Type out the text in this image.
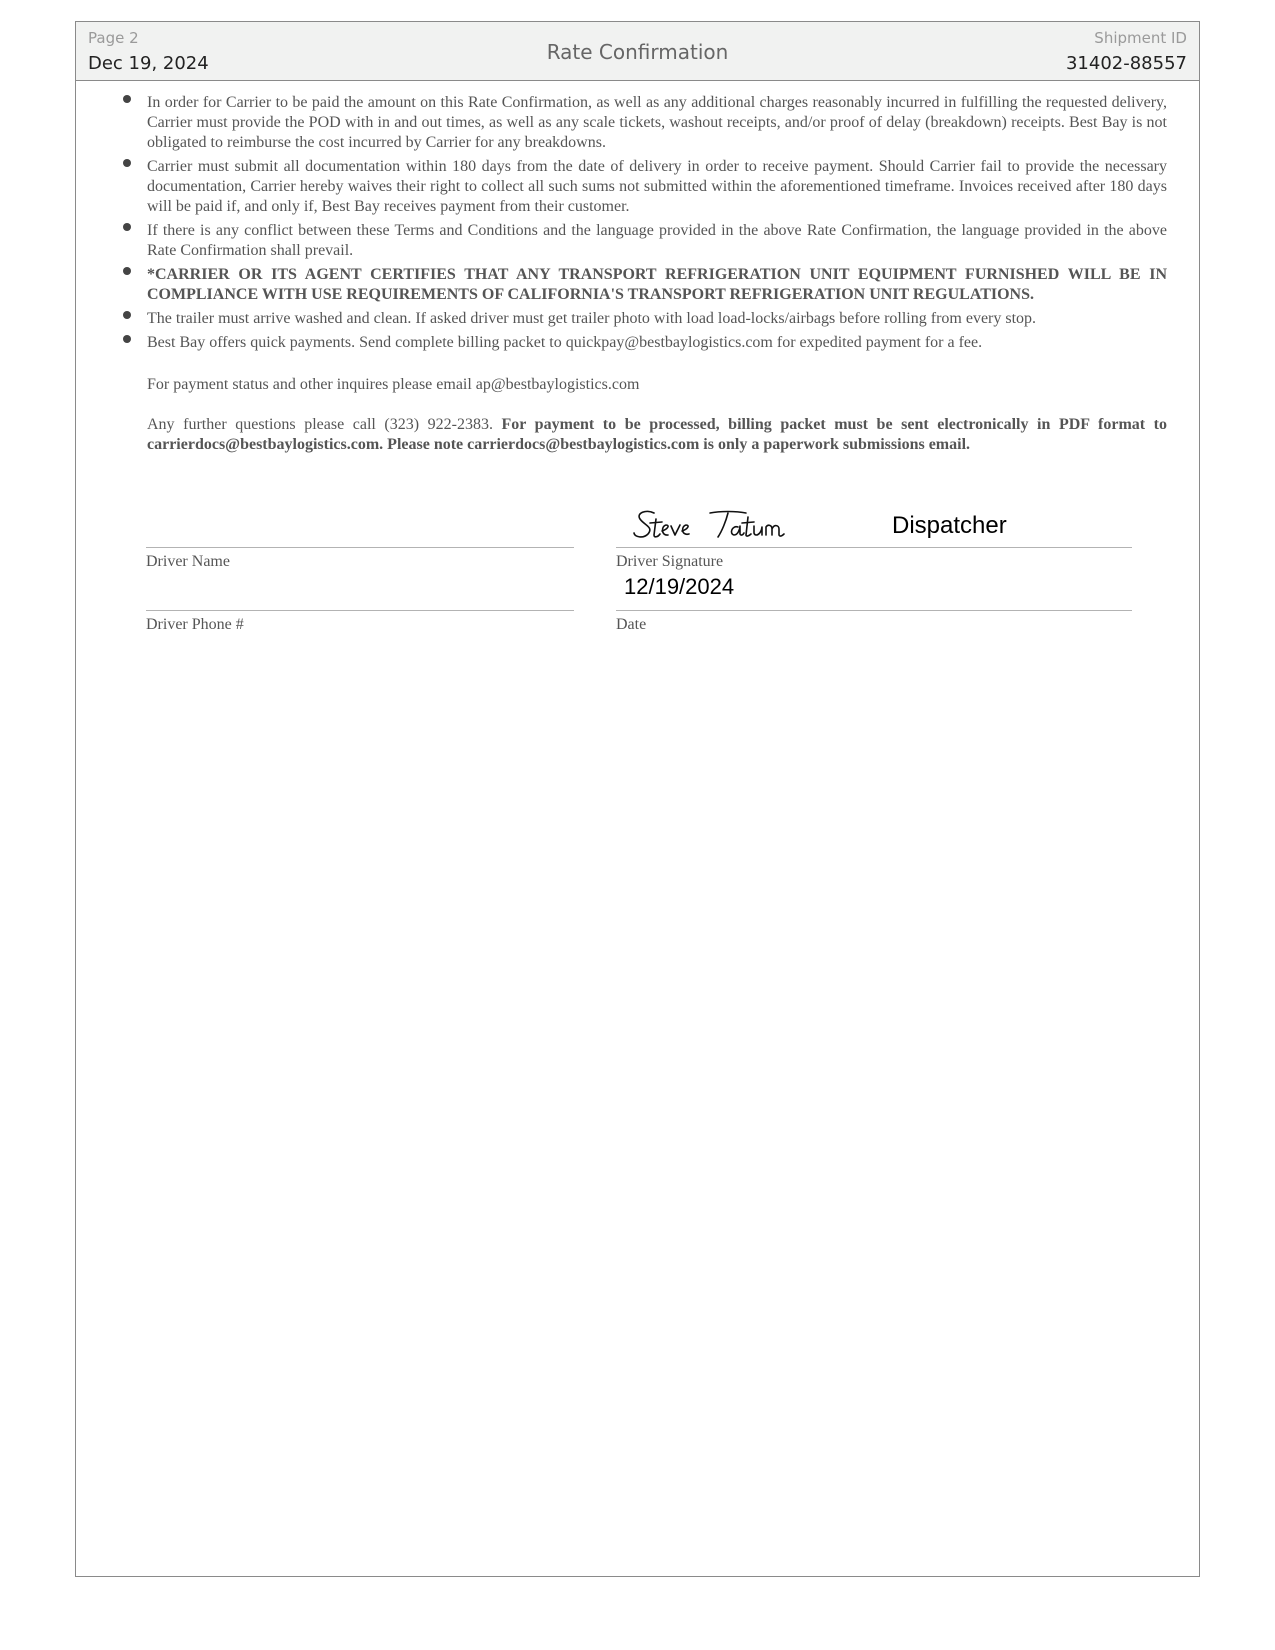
Page 2
Dec 19, 2024	Rate Confirmation
Shipment ID
31402-88557
In order for Carrier to be paid the amount on this Rate Confirmation, as well as any additional charges reasonably incurred in fulfilling the requested delivery, Carrier must provide the POD with in and out times, as well as any scale tickets, washout receipts, and/or proof of delay (breakdown) receipts. Best Bay is not obligated to reimburse the cost incurred by Carrier for any breakdowns.
Carrier must submit all documentation within 180 days from the date of delivery in order to receive payment. Should Carrier fail to provide the necessary documentation, Carrier hereby waives their right to collect all such sums not submitted within the aforementioned timeframe. Invoices received after 180 days will be paid if, and only if, Best Bay receives payment from their customer.
If there is any conflict between these Terms and Conditions and the language provided in the above Rate Confirmation, the language provided in the above Rate Confirmation shall prevail.
*CARRIER OR ITS AGENT CERTIFIES THAT ANY TRANSPORT REFRIGERATION UNIT EQUIPMENT FURNISHED WILL BE IN COMPLIANCE WITH USE REQUIREMENTS OF CALIFORNIA'S TRANSPORT REFRIGERATION UNIT REGULATIONS.
The trailer must arrive washed and clean. If asked driver must get trailer photo with load load-locks/airbags before rolling from every stop.
Best Bay offers quick payments. Send complete billing packet to quickpay@bestbaylogistics.com for expedited payment for a fee.
For payment status and other inquires please email ap@bestbaylogistics.com
Any further questions please call (323) 922-2383. For payment to be processed, billing packet must be sent electronically in PDF format to carrierdocs@bestbaylogistics.com. Please note carrierdocs@bestbaylogistics.com is only a paperwork submissions email.
Dispatcher
Driver Name	Driver Signature
12/19/2024
Driver Phone #	Date
